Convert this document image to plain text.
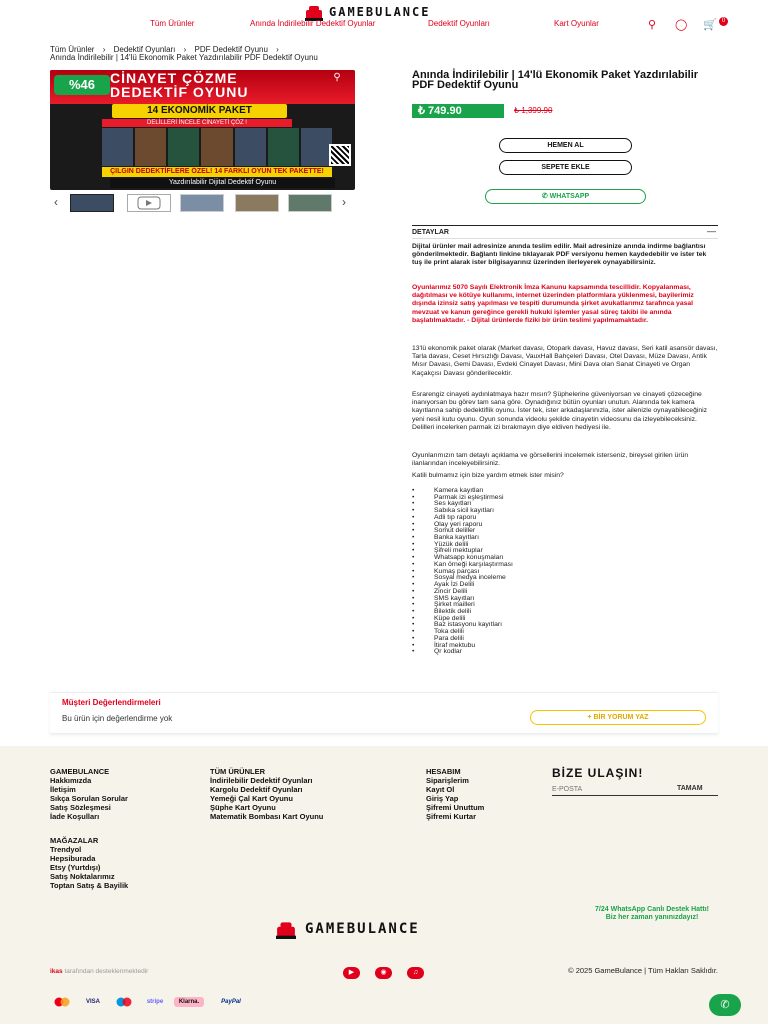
GAMEBULANCE
Tüm Ürünler	Anında İndirilebilir Dedektif Oyunlar	Dedektif Oyunları	Kart Oyunlar	⚲ ◯ 🛒 0
Tüm Ürünler › Dedektif Oyunları › PDF Dedektif Oyunu ›
Anında İndirilebilir | 14'lü Ekonomik Paket Yazdırılabilir PDF Dedektif Oyunu
CİNAYET ÇÖZME
DEDEKTİF OYUNU
14 EKONOMİK PAKET
DELİLLERİ İNCELE CİNAYETİ ÇÖZ !
ÇILGIN DEDEKTİFLERE ÖZEL! 14 FARKLI OYUN TEK PAKETTE!
Yazdırılabilir Dijital Dedektif Oyunu
%46	⚲
‹	›
Anında İndirilebilir | 14'lü Ekonomik Paket Yazdırılabilir PDF Dedektif Oyunu
₺ 749.90	₺ 1,399.90
HEMEN AL
SEPETE EKLE
✆ WHATSAPP
DETAYLAR	—
Dijital ürünler mail adresinize anında teslim edilir. Mail adresinize anında indirme bağlantısı gönderilmektedir. Bağlantı linkine tıklayarak PDF versiyonu hemen kaydedebilir ve ister tek tuş ile print alarak ister bilgisayarınız üzerinden ilerleyerek oynayabilirsiniz.
Oyunlarımız 5070 Sayılı Elektronik İmza Kanunu kapsamında tescillidir. Kopyalanması, dağıtılması ve kötüye kullanımı, internet üzerinden platformlara yüklenmesi, bayilerimiz dışında izinsiz satış yapılması ve tespiti durumunda şirket avukatlarımız tarafınca yasal mevzuat ve kanun gereğince gerekli hukuki işlemler yasal süreç takibi ile anında başlatılmaktadır. - Dijital ürünlerde fiziki bir ürün teslimi yapılmamaktadır.
13'lü ekonomik paket olarak (Market davası, Otopark davası, Havuz davası, Seri katil asansör davası, Tarla davası, Ceset Hırsızlığı Davası, VauxHall Bahçeleri Davası, Otel Davası, Müze Davası, Antik Mısır Davası, Gemi Davası, Evdeki Cinayet Davası, Mini Dava olan Sanat Cinayeti ve Organ Kaçakçısı Davası gönderilecektir.
Esrarengiz cinayeti aydınlatmaya hazır mısın? Şüphelerine güveniyorsan ve cinayeti çözeceğine inanıyorsan bu görev tam sana göre. Oynadığınız bütün oyunları unutun. Alanında tek kamera kayıtlarına sahip dedektiflik oyunu. İster tek, ister arkadaşlarınızla, ister ailenizle oynayabileceğiniz yeni nesil kutu oyunu. Oyun sonunda videolu şekilde cinayetin videosunu da izleyebileceksiniz. Delilleri incelerken parmak izi bırakmayın diye eldiven hediyesi ile.
Oyunlarımızın tam detaylı açıklama ve görsellerini incelemek isterseniz, bireysel girilen ürün ilanlarından inceleyebilirsiniz.
Katili bulmamız için bize yardım etmek ister misin?
• Kamera kayıtları
• Parmak izi eşleştirmesi
• Ses kayıtları
• Sabıka sicil kayıtları
• Adli tıp raporu
• Olay yeri raporu
• Somut deliller
• Banka kayıtları
• Yüzük delili
• Şifreli mektuplar
• Whatsapp konuşmaları
• Kan örneği karşılaştırması
• Kumaş parçası
• Sosyal medya inceleme
• Ayak İzi Delili
• Zincir Delili
• SMS kayıtları
• Şirket mailleri
• Bilektik delili
• Küpe delili
• Baz istasyonu kayıtları
• Toka delili
• Para delili
• İtiraf mektubu
• Qr kodlar
Müşteri Değerlendirmeleri
Bu ürün için değerlendirme yok	+ BİR YORUM YAZ
GAMEBULANCE
Hakkımızda
İletişim
Sıkça Sorulan Sorular
Satış Sözleşmesi
İade Koşulları
TÜM ÜRÜNLER
İndirilebilir Dedektif Oyunları
Kargolu Dedektif Oyunları
Yemeği Çal Kart Oyunu
Şüphe Kart Oyunu
Matematik Bombası Kart Oyunu
HESABIM
Siparişlerim
Kayıt Ol
Giriş Yap
Şifremi Unuttum
Şifremi Kurtar
BİZE ULAŞIN!
E-POSTA
TAMAM
MAĞAZALAR
Trendyol
Hepsiburada
Etsy (Yurtdışı)
Satış Noktalarımız
Toptan Satış & Bayilik
7/24 WhatsApp Canlı Destek Hattı! Biz her zaman yanınızdayız!
GAMEBULANCE
ikas tarafından desteklenmektedir	▶	◉	♫	© 2025 GameBulance | Tüm Hakları Saklıdır.
VISA	stripe	Klarna.	PayPal	✆
